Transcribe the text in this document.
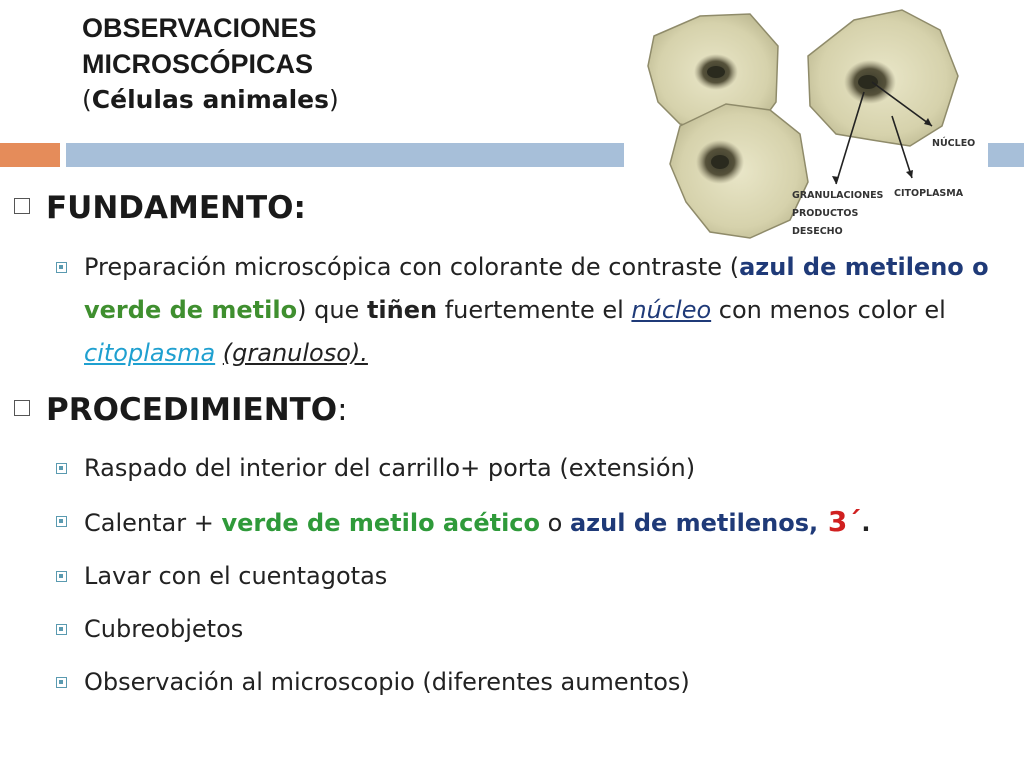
OBSERVACIONES
MICROSCÓPICAS
(Células animales)
NÚCLEO
CITOPLASMA
GRANULACIONES
PRODUCTOS
DESECHO
FUNDAMENTO:
Preparación microscópica con colorante de contraste (azul de metileno o verde de metilo) que tiñen fuertemente el núcleo con menos color el citoplasma (granuloso).
PROCEDIMIENTO:
Raspado del interior del carrillo+ porta (extensión)
Calentar + verde de metilo acético o azul de metilenos, 3´.
Lavar con el cuentagotas
Cubreobjetos
Observación al microscopio (diferentes aumentos)
